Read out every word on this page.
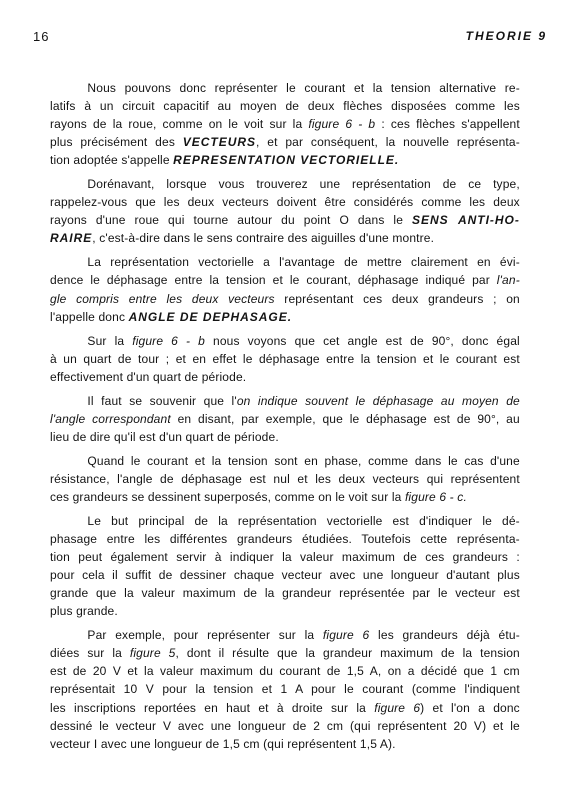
16	THEORIE 9

Nous pouvons donc représenter le courant et la tension alternative re-
latifs à un circuit capacitif au moyen de deux flèches disposées comme les
rayons de la roue, comme on le voit sur la figure 6 - b : ces flèches s'appellent
plus précisément des VECTEURS, et par conséquent, la nouvelle représenta-
tion adoptée s'appelle REPRESENTATION VECTORIELLE.

Dorénavant, lorsque vous trouverez une représentation de ce type,
rappelez-vous que les deux vecteurs doivent être considérés comme les deux
rayons d'une roue qui tourne autour du point O dans le SENS ANTI-HO-
RAIRE, c'est-à-dire dans le sens contraire des aiguilles d'une montre.

La représentation vectorielle a l'avantage de mettre clairement en évi-
dence le déphasage entre la tension et le courant, déphasage indiqué par l'an-
gle compris entre les deux vecteurs représentant ces deux grandeurs ; on
l'appelle donc ANGLE DE DEPHASAGE.

Sur la figure 6 - b nous voyons que cet angle est de 90°, donc égal
à un quart de tour ; et en effet le déphasage entre la tension et le courant est
effectivement d'un quart de période.

Il faut se souvenir que l'on indique souvent le déphasage au moyen de
l'angle correspondant en disant, par exemple, que le déphasage est de 90°, au
lieu de dire qu'il est d'un quart de période.

Quand le courant et la tension sont en phase, comme dans le cas d'une
résistance, l'angle de déphasage est nul et les deux vecteurs qui représentent
ces grandeurs se dessinent superposés, comme on le voit sur la figure 6 - c.

Le but principal de la représentation vectorielle est d'indiquer le dé-
phasage entre les différentes grandeurs étudiées. Toutefois cette représenta-
tion peut également servir à indiquer la valeur maximum de ces grandeurs :
pour cela il suffit de dessiner chaque vecteur avec une longueur d'autant plus
grande que la valeur maximum de la grandeur représentée par le vecteur est
plus grande.

Par exemple, pour représenter sur la figure 6 les grandeurs déjà étu-
diées sur la figure 5, dont il résulte que la grandeur maximum de la tension
est de 20 V et la valeur maximum du courant de 1,5 A, on a décidé que 1 cm
représentait 10 V pour la tension et 1 A pour le courant (comme l'indiquent
les inscriptions reportées en haut et à droite sur la figure 6) et l'on a donc
dessiné le vecteur V avec une longueur de 2 cm (qui représentent 20 V) et le
vecteur I avec une longueur de 1,5 cm (qui représentent 1,5 A).
